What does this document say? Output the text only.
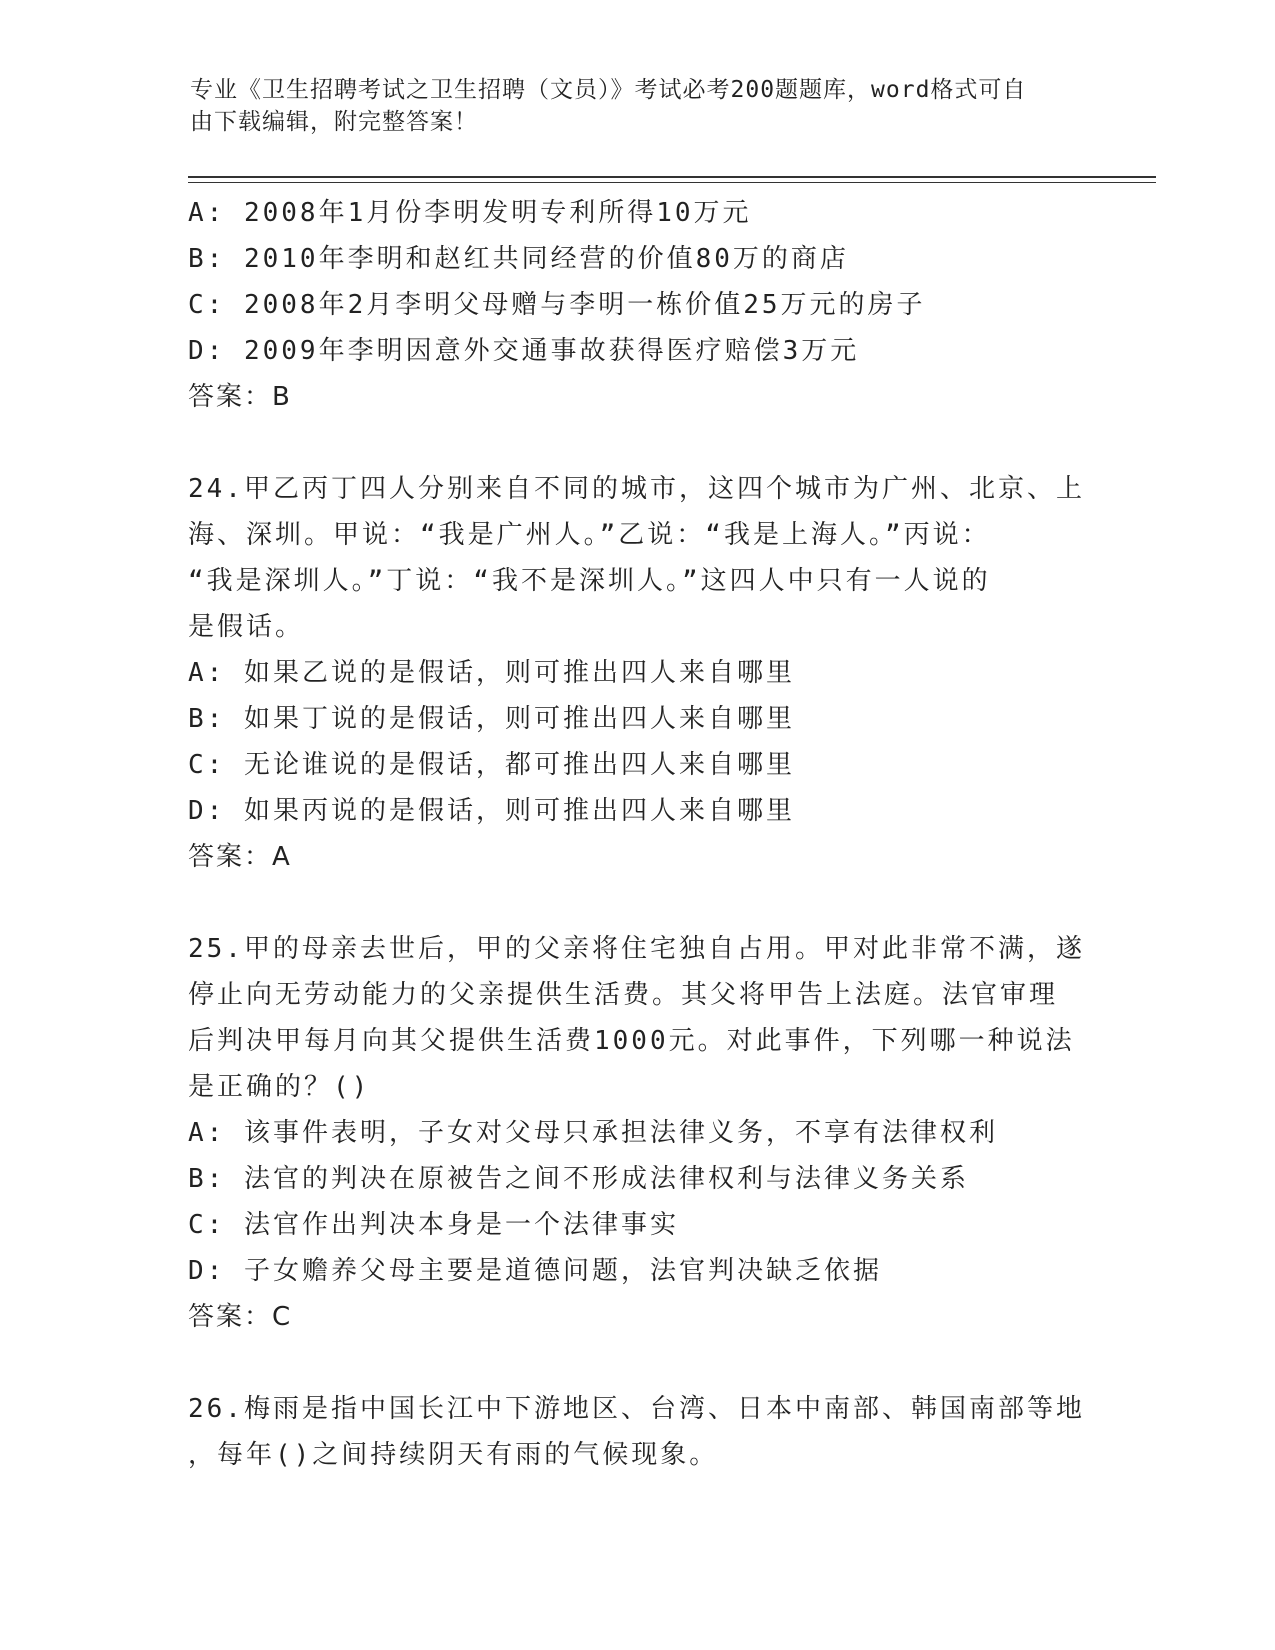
专业《卫生招聘考试之卫生招聘（文员）》考试必考200题题库，word格式可自
由下载编辑，附完整答案！
A: 2008年1月份李明发明专利所得10万元
B: 2010年李明和赵红共同经营的价值80万的商店
C: 2008年2月李明父母赠与李明一栋价值25万元的房子
D: 2009年李明因意外交通事故获得医疗赔偿3万元
答案：B
24.甲乙丙丁四人分别来自不同的城市，这四个城市为广州、北京、上
海、深圳。甲说：“我是广州人。”乙说：“我是上海人。”丙说：
“我是深圳人。”丁说：“我不是深圳人。”这四人中只有一人说的
是假话。
A: 如果乙说的是假话，则可推出四人来自哪里
B: 如果丁说的是假话，则可推出四人来自哪里
C: 无论谁说的是假话，都可推出四人来自哪里
D: 如果丙说的是假话，则可推出四人来自哪里
答案：A
25.甲的母亲去世后，甲的父亲将住宅独自占用。甲对此非常不满，遂
停止向无劳动能力的父亲提供生活费。其父将甲告上法庭。法官审理
后判决甲每月向其父提供生活费1000元。对此事件，下列哪一种说法
是正确的？()
A: 该事件表明，子女对父母只承担法律义务，不享有法律权利
B: 法官的判决在原被告之间不形成法律权利与法律义务关系
C: 法官作出判决本身是一个法律事实
D: 子女赡养父母主要是道德问题，法官判决缺乏依据
答案：C
26.梅雨是指中国长江中下游地区、台湾、日本中南部、韩国南部等地
，每年()之间持续阴天有雨的气候现象。
